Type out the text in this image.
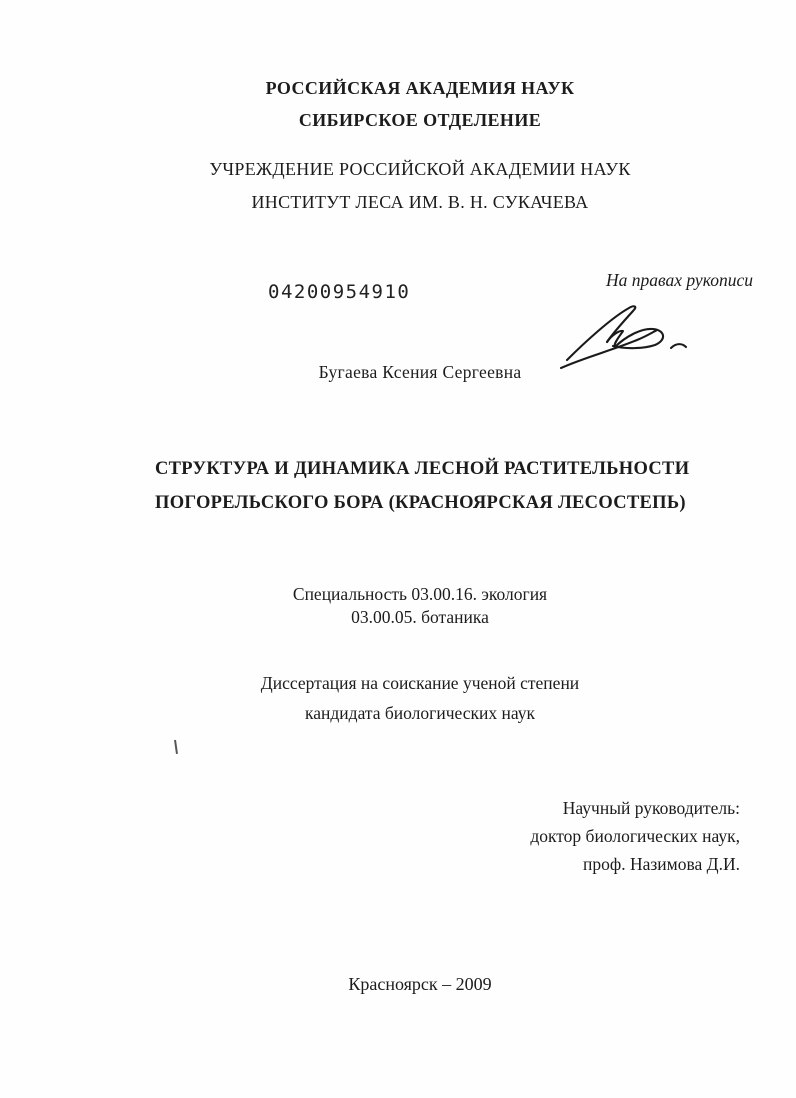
РОССИЙСКАЯ АКАДЕМИЯ НАУК
СИБИРСКОЕ ОТДЕЛЕНИЕ
УЧРЕЖДЕНИЕ РОССИЙСКОЙ АКАДЕМИИ НАУК
ИНСТИТУТ ЛЕСА ИМ. В. Н. СУКАЧЕВА
04200954910
На правах рукописи
Бугаева Ксения Сергеевна
СТРУКТУРА И ДИНАМИКА ЛЕСНОЙ РАСТИТЕЛЬНОСТИ
ПОГОРЕЛЬСКОГО БОРА (КРАСНОЯРСКАЯ ЛЕСОСТЕПЬ)
Специальность 03.00.16. экология
03.00.05. ботаника
Диссертация на соискание ученой степени
кандидата биологических наук
Научный руководитель:
доктор биологических наук,
проф. Назимова Д.И.
Красноярск – 2009
